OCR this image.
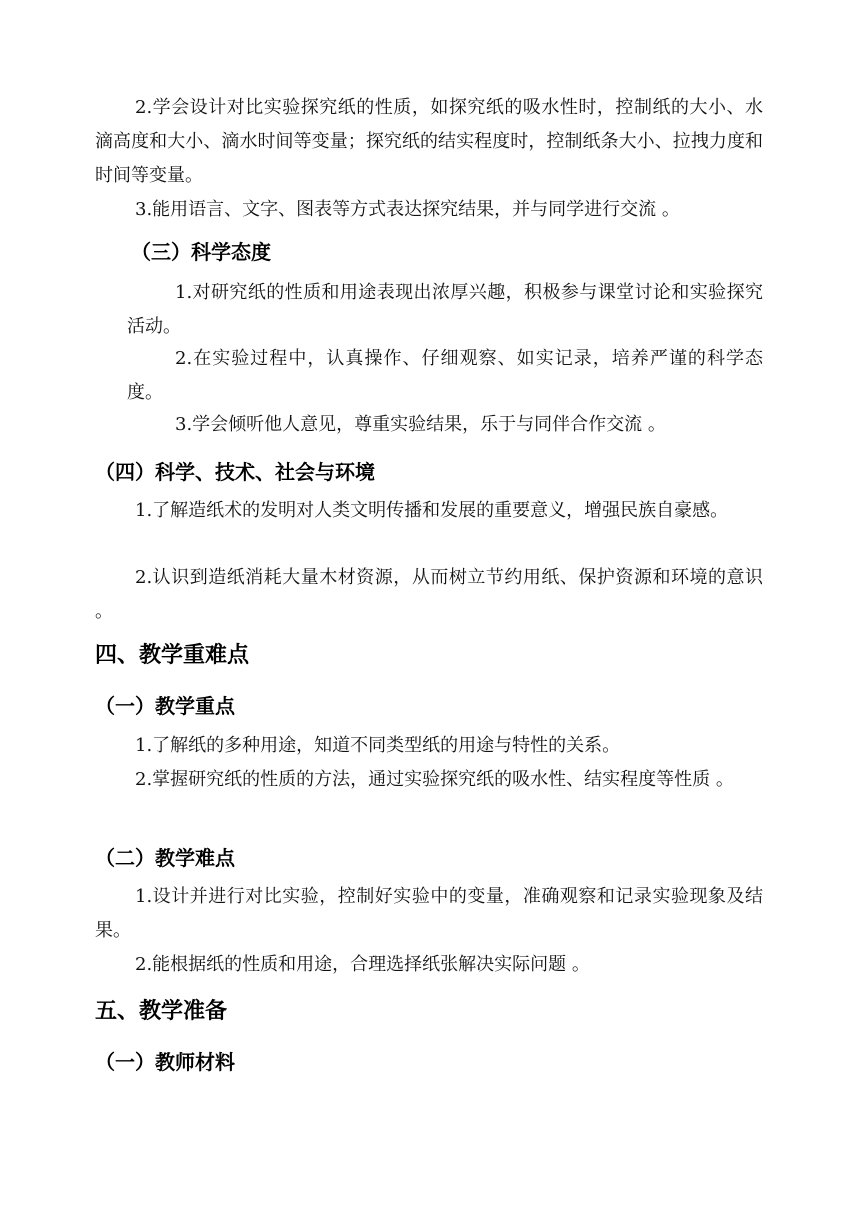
2.学会设计对比实验探究纸的性质，如探究纸的吸水性时，控制纸的大小、水滴高度和大小、滴水时间等变量；探究纸的结实程度时，控制纸条大小、拉拽力度和时间等变量。

3.能用语言、文字、图表等方式表达探究结果，并与同学进行交流 。

（三）科学态度

1.对研究纸的性质和用途表现出浓厚兴趣，积极参与课堂讨论和实验探究活动。

2.在实验过程中，认真操作、仔细观察、如实记录，培养严谨的科学态度。

3.学会倾听他人意见，尊重实验结果，乐于与同伴合作交流 。

（四）科学、技术、社会与环境

1.了解造纸术的发明对人类文明传播和发展的重要意义，增强民族自豪感。

2.认识到造纸消耗大量木材资源，从而树立节约用纸、保护资源和环境的意识 。

四、教学重难点
（一）教学重点

1.了解纸的多种用途，知道不同类型纸的用途与特性的关系。

2.掌握研究纸的性质的方法，通过实验探究纸的吸水性、结实程度等性质 。

（二）教学难点

1.设计并进行对比实验，控制好实验中的变量，准确观察和记录实验现象及结果。

2.能根据纸的性质和用途，合理选择纸张解决实际问题 。

五、教学准备
（一）教师材料
